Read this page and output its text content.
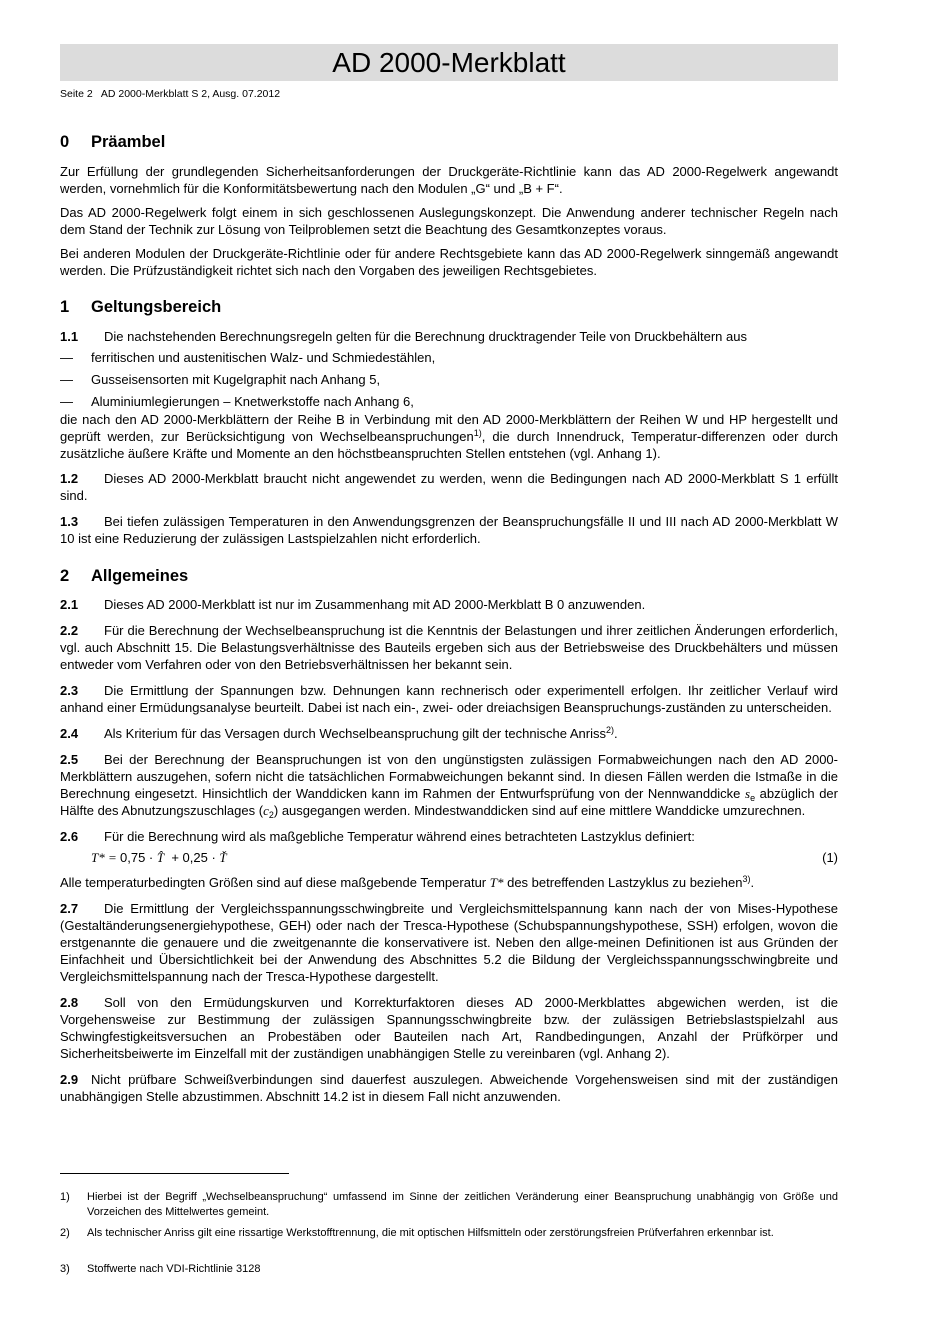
AD 2000-Merkblatt
Seite 2   AD 2000-Merkblatt S 2, Ausg. 07.2012
0	Präambel

Zur Erfüllung der grundlegenden Sicherheitsanforderungen der Druckgeräte-Richtlinie kann das AD 2000-Regelwerk angewandt werden, vornehmlich für die Konformitätsbewertung nach den Modulen „G“ und „B + F“.

Das AD 2000-Regelwerk folgt einem in sich geschlossenen Auslegungskonzept. Die Anwendung anderer technischer Regeln nach dem Stand der Technik zur Lösung von Teilproblemen setzt die Beachtung des Gesamtkonzeptes voraus.

Bei anderen Modulen der Druckgeräte-Richtlinie oder für andere Rechtsgebiete kann das AD 2000-Regelwerk sinngemäß angewandt werden. Die Prüfzuständigkeit richtet sich nach den Vorgaben des jeweiligen Rechtsgebietes.

1	Geltungsbereich

1.1 Die nachstehenden Berechnungsregeln gelten für die Berechnung drucktragender Teile von Druckbehältern aus

—	ferritischen und austenitischen Walz- und Schmiedestählen,
—	Gusseisensorten mit Kugelgraphit nach Anhang 5,
—	Aluminiumlegierungen – Knetwerkstoffe nach Anhang 6,

die nach den AD 2000-Merkblättern der Reihe B in Verbindung mit den AD 2000-Merkblättern der Reihen W und HP hergestellt und geprüft werden, zur Berücksichtigung von Wechselbeanspruchungen$^{1)}$, die durch Innendruck, Temperatur-differenzen oder durch zusätzliche äußere Kräfte und Momente an den höchstbeanspruchten Stellen entstehen (vgl. Anhang 1).

1.2 Dieses AD 2000-Merkblatt braucht nicht angewendet zu werden, wenn die Bedingungen nach AD 2000-Merkblatt S 1 erfüllt sind.

1.3 Bei tiefen zulässigen Temperaturen in den Anwendungsgrenzen der Beanspruchungsfälle II und III nach AD 2000-Merkblatt W 10 ist eine Reduzierung der zulässigen Lastspielzahlen nicht erforderlich.

2	Allgemeines

2.1 Dieses AD 2000-Merkblatt ist nur im Zusammenhang mit AD 2000-Merkblatt B 0 anzuwenden.

2.2 Für die Berechnung der Wechselbeanspruchung ist die Kenntnis der Belastungen und ihrer zeitlichen Änderungen erforderlich, vgl. auch Abschnitt 15. Die Belastungsverhältnisse des Bauteils ergeben sich aus der Betriebsweise des Druckbehälters und müssen entweder vom Verfahren oder von den Betriebsverhältnissen her bekannt sein.

2.3 Die Ermittlung der Spannungen bzw. Dehnungen kann rechnerisch oder experimentell erfolgen. Ihr zeitlicher Verlauf wird anhand einer Ermüdungsanalyse beurteilt. Dabei ist nach ein-, zwei- oder dreiachsigen Beanspruchungs-zuständen zu unterscheiden.

2.4 Als Kriterium für das Versagen durch Wechselbeanspruchung gilt der technische Anriss$^{2)}$.

2.5 Bei der Berechnung der Beanspruchungen ist von den ungünstigsten zulässigen Formabweichungen nach den AD 2000-Merkblättern auszugehen, sofern nicht die tatsächlichen Formabweichungen bekannt sind. In diesen Fällen werden die Istmaße in die Berechnung eingesetzt. Hinsichtlich der Wanddicken kann im Rahmen der Entwurfsprüfung von der Nennwanddicke $s_e$ abzüglich der Hälfte des Abnutzungszuschlages $(c_2)$ ausgegangen werden. Mindestwanddicken sind auf eine mittlere Wanddicke umzurechnen.

2.6 Für die Berechnung wird als maßgebliche Temperatur während eines betrachteten Lastzyklus definiert:

T* = 0,75 · T̂  + 0,25 · Ť	(1)

Alle temperaturbedingten Größen sind auf diese maßgebende Temperatur T* des betreffenden Lastzyklus zu beziehen$^{3)}$.

2.7 Die Ermittlung der Vergleichsspannungsschwingbreite und Vergleichsmittelspannung kann nach der von Mises-Hypothese (Gestaltänderungsenergiehypothese, GEH) oder nach der Tresca-Hypothese (Schubspannungshypothese, SSH) erfolgen, wovon die erstgenannte die genauere und die zweitgenannte die konservativere ist. Neben den allge-meinen Definitionen ist aus Gründen der Einfachheit und Übersichtlichkeit bei der Anwendung des Abschnittes 5.2 die Bildung der Vergleichsspannungsschwingbreite und Vergleichsmittelspannung nach der Tresca-Hypothese dargestellt.

2.8 Soll von den Ermüdungskurven und Korrekturfaktoren dieses AD 2000-Merkblattes abgewichen werden, ist die Vorgehensweise zur Bestimmung der zulässigen Spannungsschwingbreite bzw. der zulässigen Betriebslastspielzahl aus Schwingfestigkeitsversuchen an Probestäben oder Bauteilen nach Art, Randbedingungen, Anzahl der Prüfkörper und Sicherheitsbeiwerte im Einzelfall mit der zuständigen unabhängigen Stelle zu vereinbaren (vgl. Anhang 2).

2.9 Nicht prüfbare Schweißverbindungen sind dauerfest auszulegen. Abweichende Vorgehensweisen sind mit der zuständigen unabhängigen Stelle abzustimmen. Abschnitt 14.2 ist in diesem Fall nicht anzuwenden.

1)	Hierbei ist der Begriff „Wechselbeanspruchung“ umfassend im Sinne der zeitlichen Veränderung einer Beanspruchung unabhängig von Größe und Vorzeichen des Mittelwertes gemeint.
2)	Als technischer Anriss gilt eine rissartige Werkstofftrennung, die mit optischen Hilfsmitteln oder zerstörungsfreien Prüfverfahren erkennbar ist.
3)	Stoffwerte nach VDI-Richtlinie 3128
